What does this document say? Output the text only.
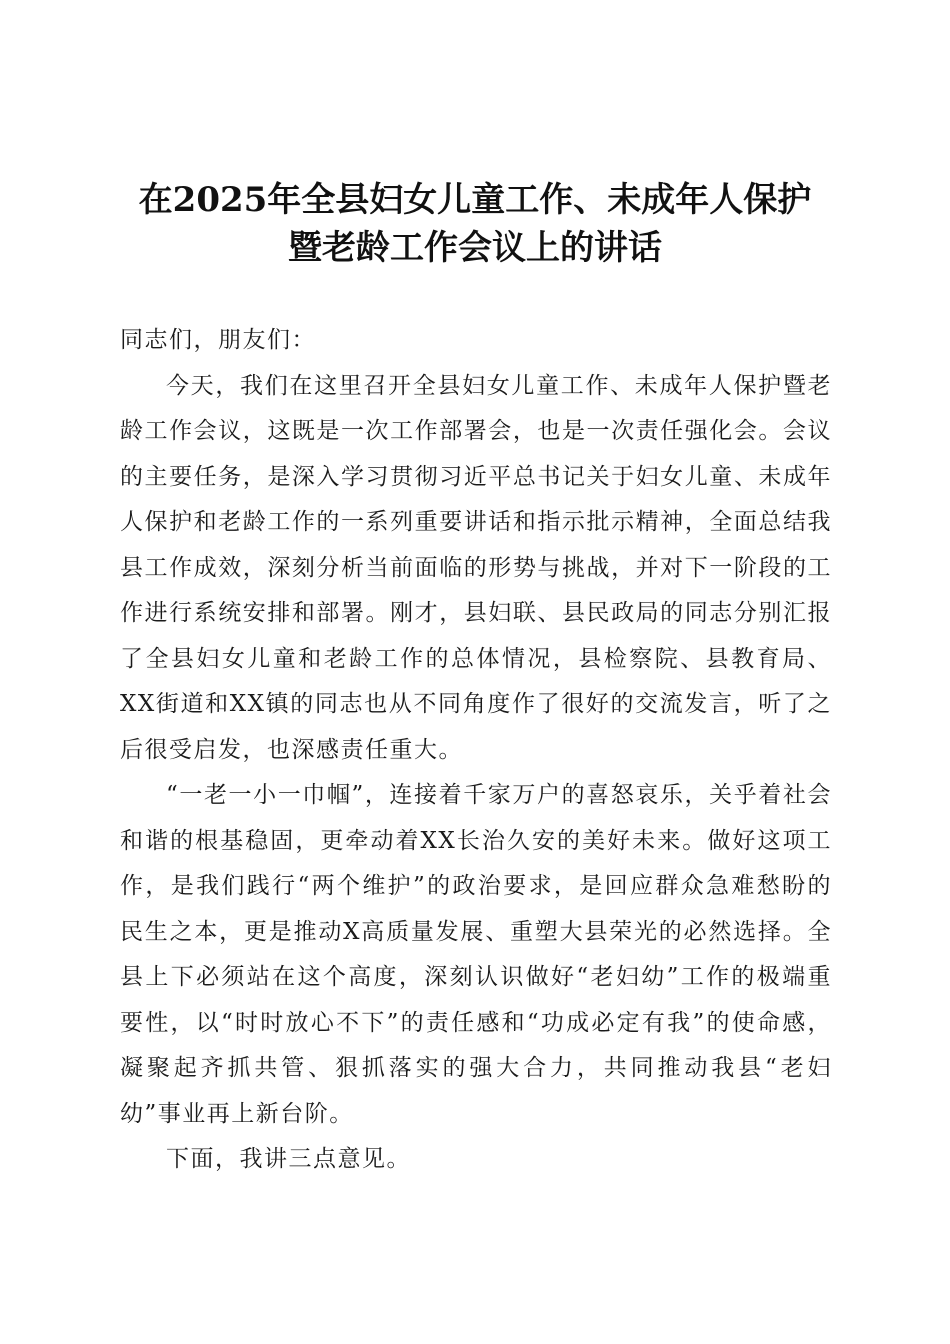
在2025年全县妇女儿童工作、未成年人保护
暨老龄工作会议上的讲话

同志们，朋友们：

今天，我们在这里召开全县妇女儿童工作、未成年人保护暨老龄工作会议，这既是一次工作部署会，也是一次责任强化会。会议的主要任务，是深入学习贯彻习近平总书记关于妇女儿童、未成年人保护和老龄工作的一系列重要讲话和指示批示精神，全面总结我县工作成效，深刻分析当前面临的形势与挑战，并对下一阶段的工作进行系统安排和部署。刚才，县妇联、县民政局的同志分别汇报了全县妇女儿童和老龄工作的总体情况，县检察院、县教育局、XX街道和XX镇的同志也从不同角度作了很好的交流发言，听了之后很受启发，也深感责任重大。

“一老一小一巾帼”，连接着千家万户的喜怒哀乐，关乎着社会和谐的根基稳固，更牵动着XX长治久安的美好未来。做好这项工作，是我们践行“两个维护”的政治要求，是回应群众急难愁盼的民生之本，更是推动X高质量发展、重塑大县荣光的必然选择。全县上下必须站在这个高度，深刻认识做好“老妇幼”工作的极端重要性，以“时时放心不下”的责任感和“功成必定有我”的使命感，凝聚起齐抓共管、狠抓落实的强大合力，共同推动我县“老妇幼”事业再上新台阶。

下面，我讲三点意见。
